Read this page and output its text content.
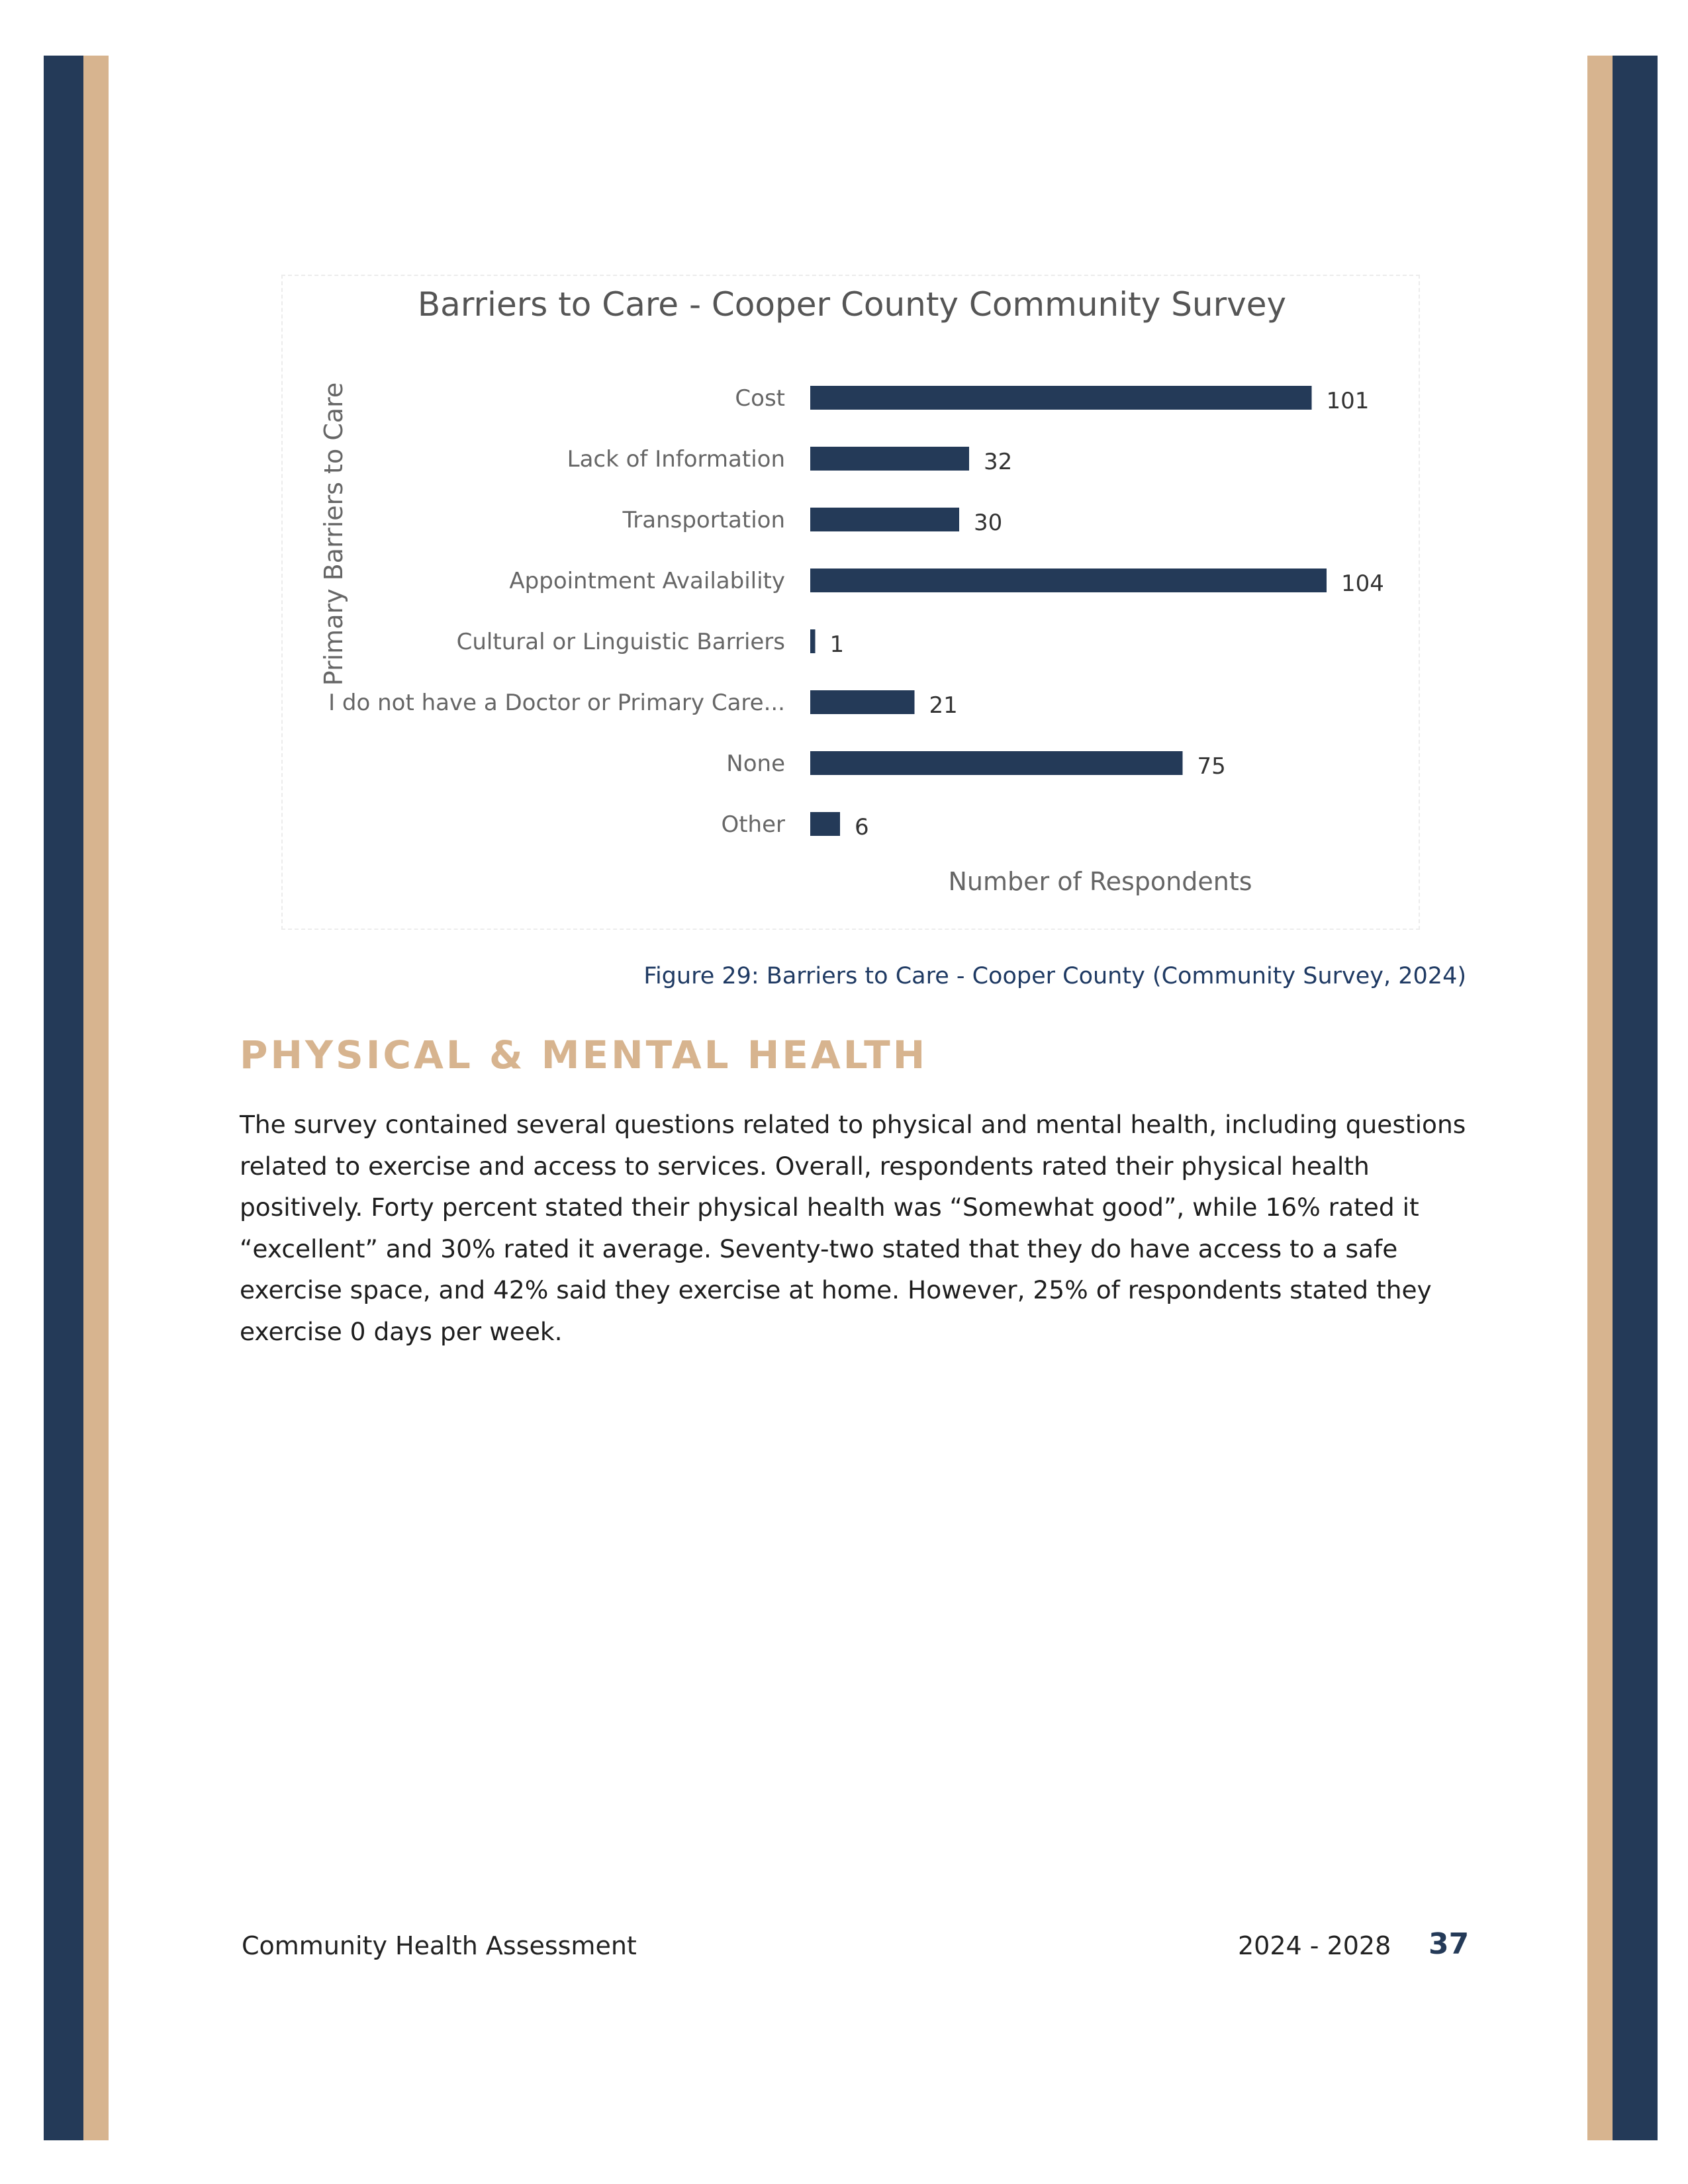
Barriers to Care - Cooper County Community Survey
Primary Barriers to Care
Number of Respondents
Cost	101
Lack of Information	32
Transportation	30
Appointment Availability	104
Cultural or Linguistic Barriers 1
I do not have a Doctor or Primary Care...	21
None	75
Other	6
Figure 29: Barriers to Care - Cooper County (Community Survey, 2024)
PHYSICAL & MENTAL HEALTH

The survey contained several questions related to physical and mental health, including questions related to exercise and access to services. Overall, respondents rated their physical health positively. Forty percent stated their physical health was “Somewhat good”, while 16% rated it “excellent” and 30% rated it average. Seventy-two stated that they do have access to a safe exercise space, and 42% said they exercise at home. However, 25% of respondents stated they exercise 0 days per week.

Community Health Assessment	2024 - 2028 37
